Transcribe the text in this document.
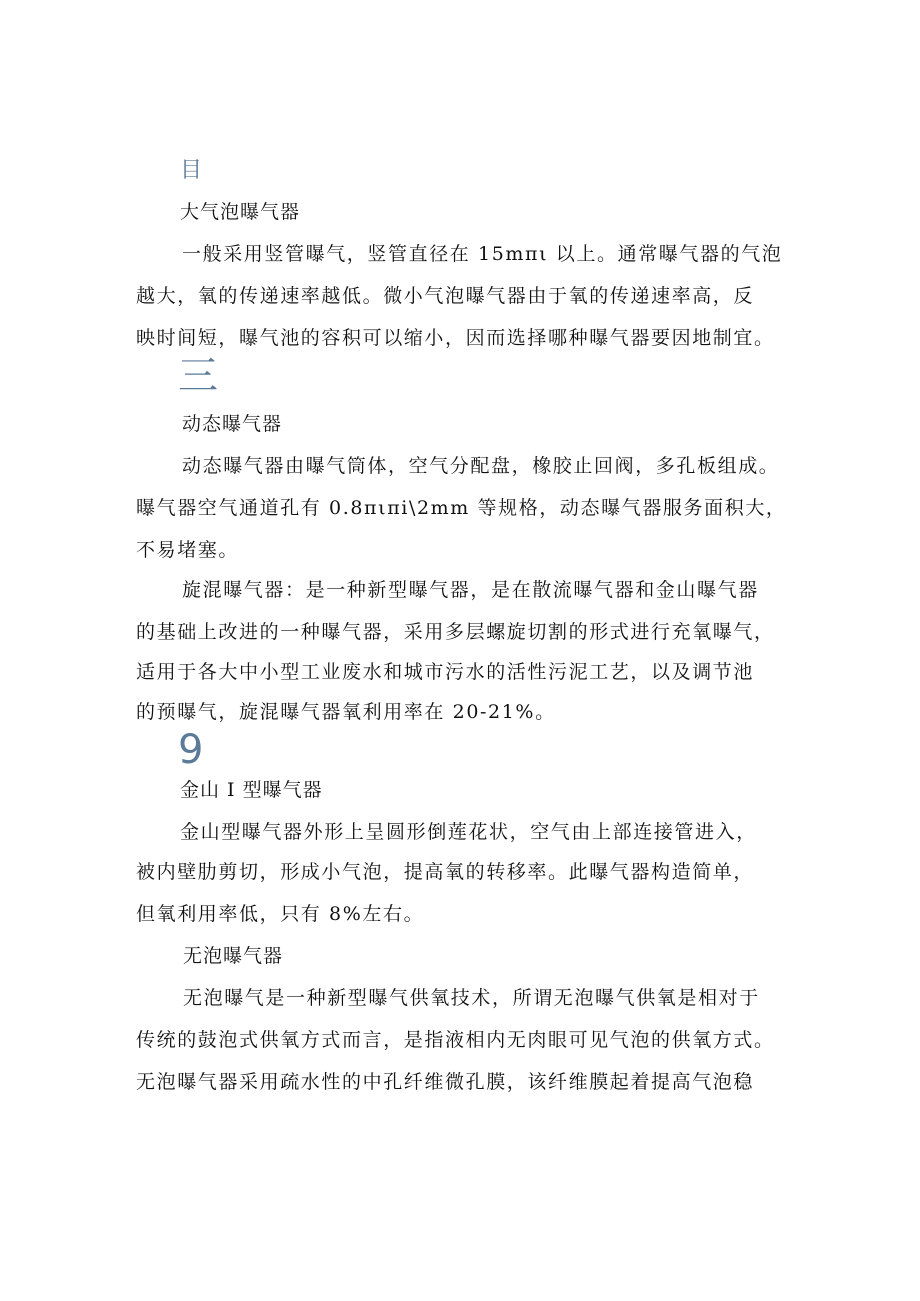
目
大气泡曝气器
一般采用竖管曝气，竖管直径在 15mπι 以上。通常曝气器的气泡
越大，氧的传递速率越低。微小气泡曝气器由于氧的传递速率高，反
映时间短，曝气池的容积可以缩小，因而选择哪种曝气器要因地制宜。
三
动态曝气器
动态曝气器由曝气筒体，空气分配盘，橡胶止回阀，多孔板组成。
曝气器空气通道孔有 0.8πιπi\2mm 等规格，动态曝气器服务面积大，
不易堵塞。
旋混曝气器：是一种新型曝气器，是在散流曝气器和金山曝气器
的基础上改进的一种曝气器，采用多层螺旋切割的形式进行充氧曝气，
适用于各大中小型工业废水和城市污水的活性污泥工艺，以及调节池
的预曝气，旋混曝气器氧利用率在 20-21%。
9
金山 I 型曝气器
金山型曝气器外形上呈圆形倒莲花状，空气由上部连接管进入，
被内壁肋剪切，形成小气泡，提高氧的转移率。此曝气器构造简单，
但氧利用率低，只有 8%左右。
无泡曝气器
无泡曝气是一种新型曝气供氧技术，所谓无泡曝气供氧是相对于
传统的鼓泡式供氧方式而言，是指液相内无肉眼可见气泡的供氧方式。
无泡曝气器采用疏水性的中孔纤维微孔膜，该纤维膜起着提高气泡稳
